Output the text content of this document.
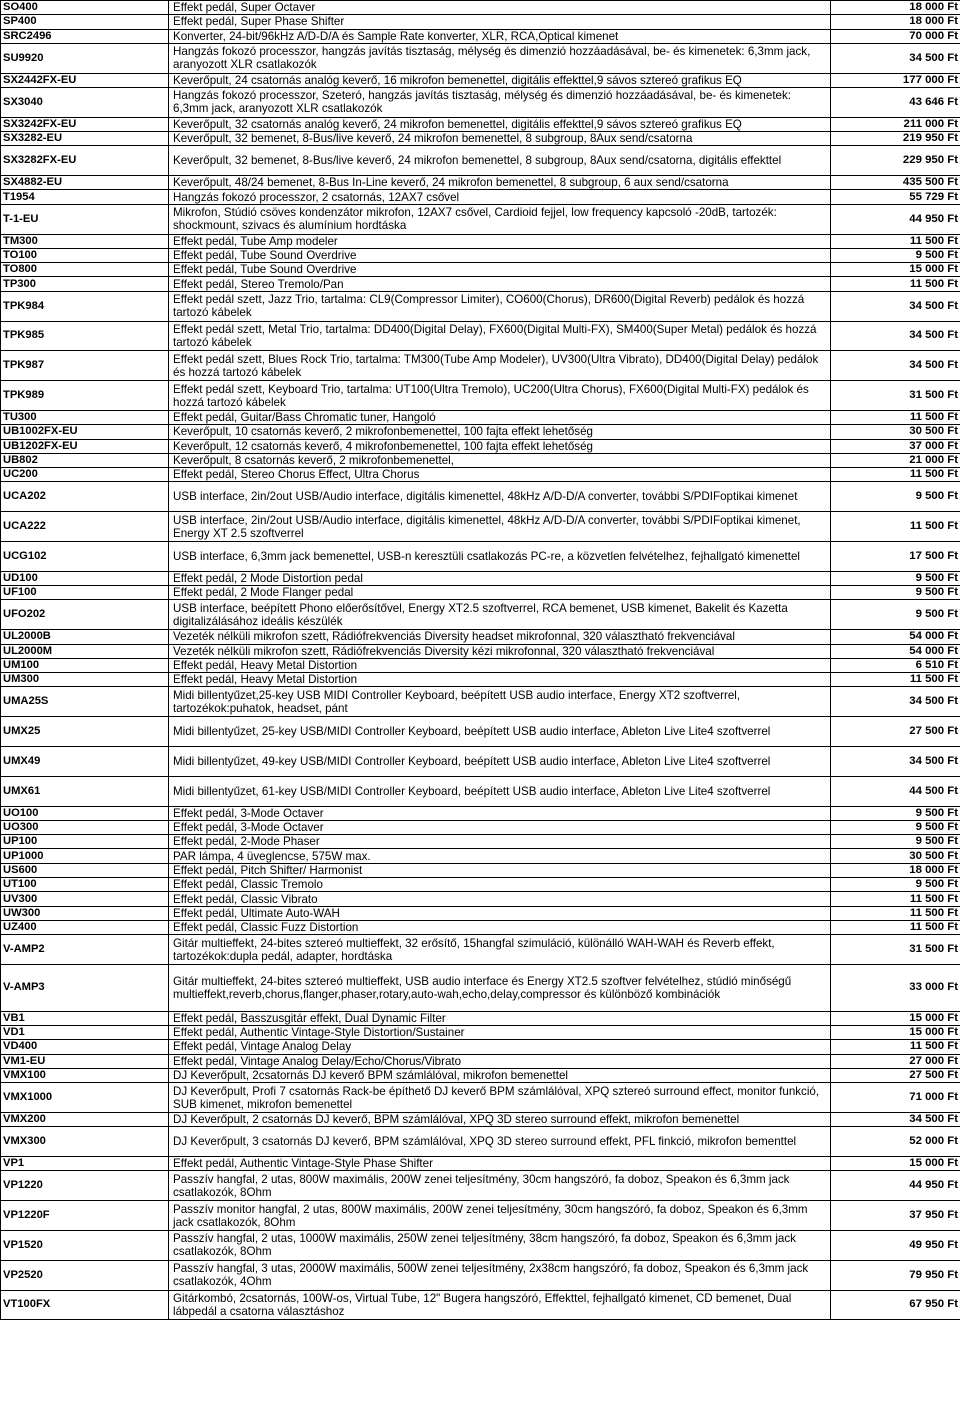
SO400	Effekt pedál, Super Octaver	18 000 Ft
SP400	Effekt pedál, Super Phase Shifter	18 000 Ft
SRC2496	Konverter, 24-bit/96kHz A/D-D/A és Sample Rate konverter, XLR, RCA,Optical kimenet	70 000 Ft
SU9920	Hangzás fokozó processzor, hangzás javítás tisztaság, mélység és dimenzió hozzáadásával, be- és kimenetek: 6,3mm jack, aranyozott XLR csatlakozók	34 500 Ft
SX2442FX-EU	Keverőpult, 24 csatornás analóg keverő, 16 mikrofon bemenettel, digitális effekttel,9 sávos sztereó grafikus EQ	177 000 Ft
SX3040	Hangzás fokozó processzor, Szeteró, hangzás javítás tisztaság, mélység és dimenzió hozzáadásával, be- és kimenetek: 6,3mm jack, aranyozott XLR csatlakozók	43 646 Ft
SX3242FX-EU	Keverőpult, 32 csatornás analóg keverő, 24 mikrofon bemenettel, digitális effekttel,9 sávos sztereó grafikus EQ	211 000 Ft
SX3282-EU	Keverőpult, 32 bemenet, 8-Bus/live keverő, 24 mikrofon bemenettel, 8 subgroup, 8Aux send/csatorna	219 950 Ft
SX3282FX-EU	Keverőpult, 32 bemenet, 8-Bus/live keverő, 24 mikrofon bemenettel, 8 subgroup, 8Aux send/csatorna, digitális effekttel	229 950 Ft
SX4882-EU	Keverőpult, 48/24 bemenet, 8-Bus In-Line keverő, 24 mikrofon bemenettel, 8 subgroup, 6 aux send/csatorna	435 500 Ft
T1954	Hangzás fokozó processzor, 2 csatornás, 12AX7 csővel	55 729 Ft
T-1-EU	Mikrofon, Stúdió csöves kondenzátor mikrofon, 12AX7 csővel, Cardioid fejjel, low frequency kapcsoló -20dB, tartozék: shockmount, szivacs és alumínium hordtáska	44 950 Ft
TM300	Effekt pedál, Tube Amp modeler	11 500 Ft
TO100	Effekt pedál, Tube Sound Overdrive	9 500 Ft
TO800	Effekt pedál, Tube Sound Overdrive	15 000 Ft
TP300	Effekt pedál, Stereo Tremolo/Pan	11 500 Ft
TPK984	Effekt pedál szett, Jazz Trio, tartalma: CL9(Compressor Limiter), CO600(Chorus), DR600(Digital Reverb) pedálok és hozzá tartozó kábelek	34 500 Ft
TPK985	Effekt pedál szett, Metal Trio, tartalma: DD400(Digital Delay), FX600(Digital Multi-FX), SM400(Super Metal) pedálok és hozzá tartozó kábelek	34 500 Ft
TPK987	Effekt pedál szett, Blues Rock Trio, tartalma: TM300(Tube Amp Modeler), UV300(Ultra Vibrato), DD400(Digital Delay) pedálok és hozzá tartozó kábelek	34 500 Ft
TPK989	Effekt pedál szett, Keyboard Trio, tartalma: UT100(Ultra Tremolo), UC200(Ultra Chorus), FX600(Digital Multi-FX) pedálok és hozzá tartozó kábelek	31 500 Ft
TU300	Effekt pedál, Guitar/Bass Chromatic tuner, Hangoló	11 500 Ft
UB1002FX-EU	Keverőpult, 10 csatornás keverő, 2 mikrofonbemenettel, 100 fajta effekt lehetőség	30 500 Ft
UB1202FX-EU	Keverőpult, 12 csatornás keverő, 4 mikrofonbemenettel, 100 fajta effekt lehetőség	37 000 Ft
UB802	Keverőpult, 8 csatornás keverő, 2 mikrofonbemenettel,	21 000 Ft
UC200	Effekt pedál, Stereo Chorus Effect, Ultra Chorus	11 500 Ft
UCA202	USB interface, 2in/2out USB/Audio interface, digitális kimenettel, 48kHz A/D-D/A converter, további S/PDIFoptikai kimenet	9 500 Ft
UCA222	USB interface, 2in/2out USB/Audio interface, digitális kimenettel, 48kHz A/D-D/A converter, további S/PDIFoptikai kimenet, Energy XT 2.5 szoftverrel	11 500 Ft
UCG102	USB interface, 6,3mm jack bemenettel, USB-n keresztüli csatlakozás PC-re, a közvetlen felvételhez, fejhallgató kimenettel	17 500 Ft
UD100	Effekt pedál, 2 Mode Distortion pedal	9 500 Ft
UF100	Effekt pedál, 2 Mode Flanger pedal	9 500 Ft
UFO202	USB interface, beépített Phono előerősítővel, Energy XT2.5 szoftverrel, RCA bemenet, USB kimenet, Bakelit és Kazetta digitalizálásához ideális készülék	9 500 Ft
UL2000B	Vezeték nélküli mikrofon szett, Rádiófrekvenciás Diversity headset mikrofonnal, 320 választható frekvenciával	54 000 Ft
UL2000M	Vezeték nélküli mikrofon szett, Rádiófrekvenciás Diversity kézi mikrofonnal, 320 választható frekvenciával	54 000 Ft
UM100	Effekt pedál, Heavy Metal Distortion	6 510 Ft
UM300	Effekt pedál, Heavy Metal Distortion	11 500 Ft
UMA25S	Midi billentyűzet,25-key USB MIDI Controller Keyboard, beépített USB audio interface, Energy XT2 szoftverrel, tartozékok:puhatok, headset, pánt	34 500 Ft
UMX25	Midi billentyűzet, 25-key USB/MIDI Controller Keyboard, beépített USB audio interface, Ableton Live Lite4 szoftverrel	27 500 Ft
UMX49	Midi billentyűzet, 49-key USB/MIDI Controller Keyboard, beépített USB audio interface, Ableton Live Lite4 szoftverrel	34 500 Ft
UMX61	Midi billentyűzet, 61-key USB/MIDI Controller Keyboard, beépített USB audio interface, Ableton Live Lite4 szoftverrel	44 500 Ft
UO100	Effekt pedál, 3-Mode Octaver	9 500 Ft
UO300	Effekt pedál, 3-Mode Octaver	9 500 Ft
UP100	Effekt pedál, 2-Mode Phaser	9 500 Ft
UP1000	PAR lámpa, 4 üveglencse, 575W max.	30 500 Ft
US600	Effekt pedál, Pitch Shifter/ Harmonist	18 000 Ft
UT100	Effekt pedál, Classic Tremolo	9 500 Ft
UV300	Effekt pedál, Classic Vibrato	11 500 Ft
UW300	Effekt pedál, Ultimate Auto-WAH	11 500 Ft
UZ400	Effekt pedál, Classic Fuzz Distortion	11 500 Ft
V-AMP2	Gitár multieffekt, 24-bites sztereó multieffekt, 32 erősítő, 15hangfal szimuláció, különálló WAH-WAH és Reverb effekt, tartozékok:dupla pedál, adapter, hordtáska	31 500 Ft
V-AMP3	Gitár multieffekt, 24-bites sztereó multieffekt, USB audio interface és Energy XT2.5 szoftver felvételhez, stúdió minőségű multieffekt,reverb,chorus,flanger,phaser,rotary,auto-wah,echo,delay,compressor és különböző kombinációk	33 000 Ft
VB1	Effekt pedál, Basszusgitár effekt, Dual Dynamic Filter	15 000 Ft
VD1	Effekt pedál, Authentic Vintage-Style Distortion/Sustainer	15 000 Ft
VD400	Effekt pedál, Vintage Analog Delay	11 500 Ft
VM1-EU	Effekt pedál, Vintage Analog Delay/Echo/Chorus/Vibrato	27 000 Ft
VMX100	DJ Keverőpult, 2csatornás DJ keverő BPM számlálóval, mikrofon bemenettel	27 500 Ft
VMX1000	DJ Keverőpult, Profi 7 csatornás Rack-be építhető DJ keverő BPM számlálóval, XPQ sztereó surround effect, monitor funkció, SUB kimenet, mikrofon bemenettel	71 000 Ft
VMX200	DJ Keverőpult, 2 csatornás DJ keverő, BPM számlálóval, XPQ 3D stereo surround effekt, mikrofon bemenettel	34 500 Ft
VMX300	DJ Keverőpult, 3 csatornás DJ keverő, BPM számlálóval, XPQ 3D stereo surround effekt, PFL finkció, mikrofon bementtel	52 000 Ft
VP1	Effekt pedál, Authentic Vintage-Style Phase Shifter	15 000 Ft
VP1220	Passzív hangfal, 2 utas, 800W maximális, 200W zenei teljesítmény, 30cm hangszóró, fa doboz, Speakon és 6,3mm jack csatlakozók, 8Ohm	44 950 Ft
VP1220F	Passzív monitor hangfal, 2 utas, 800W maximális, 200W zenei teljesítmény, 30cm hangszóró, fa doboz, Speakon és 6,3mm jack csatlakozók, 8Ohm	37 950 Ft
VP1520	Passzív hangfal, 2 utas, 1000W maximális, 250W zenei teljesítmény, 38cm hangszóró, fa doboz, Speakon és 6,3mm jack csatlakozók, 8Ohm	49 950 Ft
VP2520	Passzív hangfal, 3 utas, 2000W maximális, 500W zenei teljesítmény, 2x38cm hangszóró, fa doboz, Speakon és 6,3mm jack csatlakozók, 4Ohm	79 950 Ft
VT100FX	Gitárkombó, 2csatornás, 100W-os, Virtual Tube, 12" Bugera hangszóró, Effekttel, fejhallgató kimenet, CD bemenet, Dual lábpedál a csatorna választáshoz	67 950 Ft
